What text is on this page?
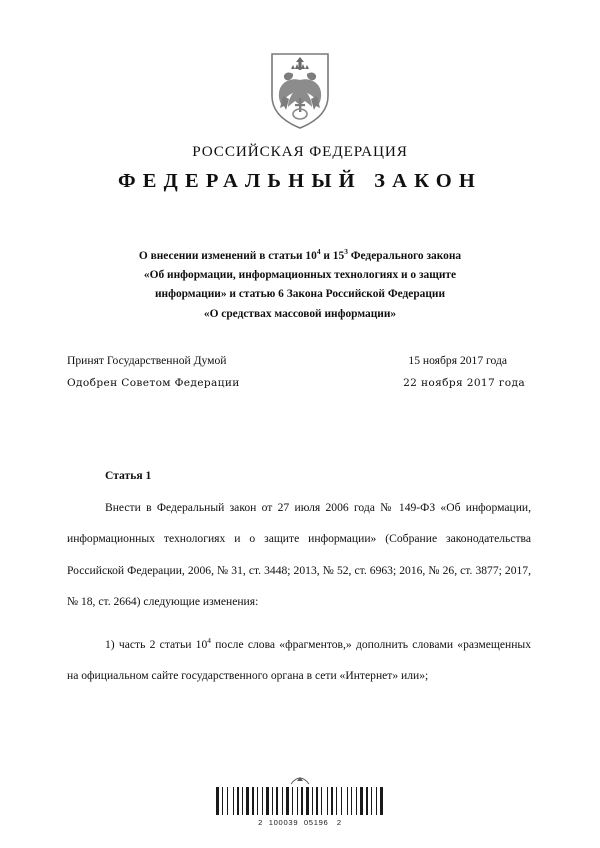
РОССИЙСКАЯ ФЕДЕРАЦИЯ
ФЕДЕРАЛЬНЫЙ ЗАКОН
О внесении изменений в статьи $10^4$ и $15^3$ Федерального закона
«Об информации, информационных технологиях и о защите
информации» и статью 6 Закона Российской Федерации
«О средствах массовой информации»
Принят Государственной Думой	15 ноября 2017 года
Одобрен Советом Федерации	22 ноября 2017 года
Статья 1

Внести в Федеральный закон от 27 июля 2006 года № 149-ФЗ «Об информации, информационных технологиях и о защите информации» (Собрание законодательства Российской Федерации, 2006, № 31, ст. 3448; 2013, № 52, ст. 6963; 2016, № 26, ст. 3877; 2017, № 18, ст. 2664) следующие изменения:

1) часть 2 статьи $10^4$ после слова «фрагментов,» дополнить словами «размещенных на официальном сайте государственного органа в сети «Интернет» или»;

2  100039  05196   2
